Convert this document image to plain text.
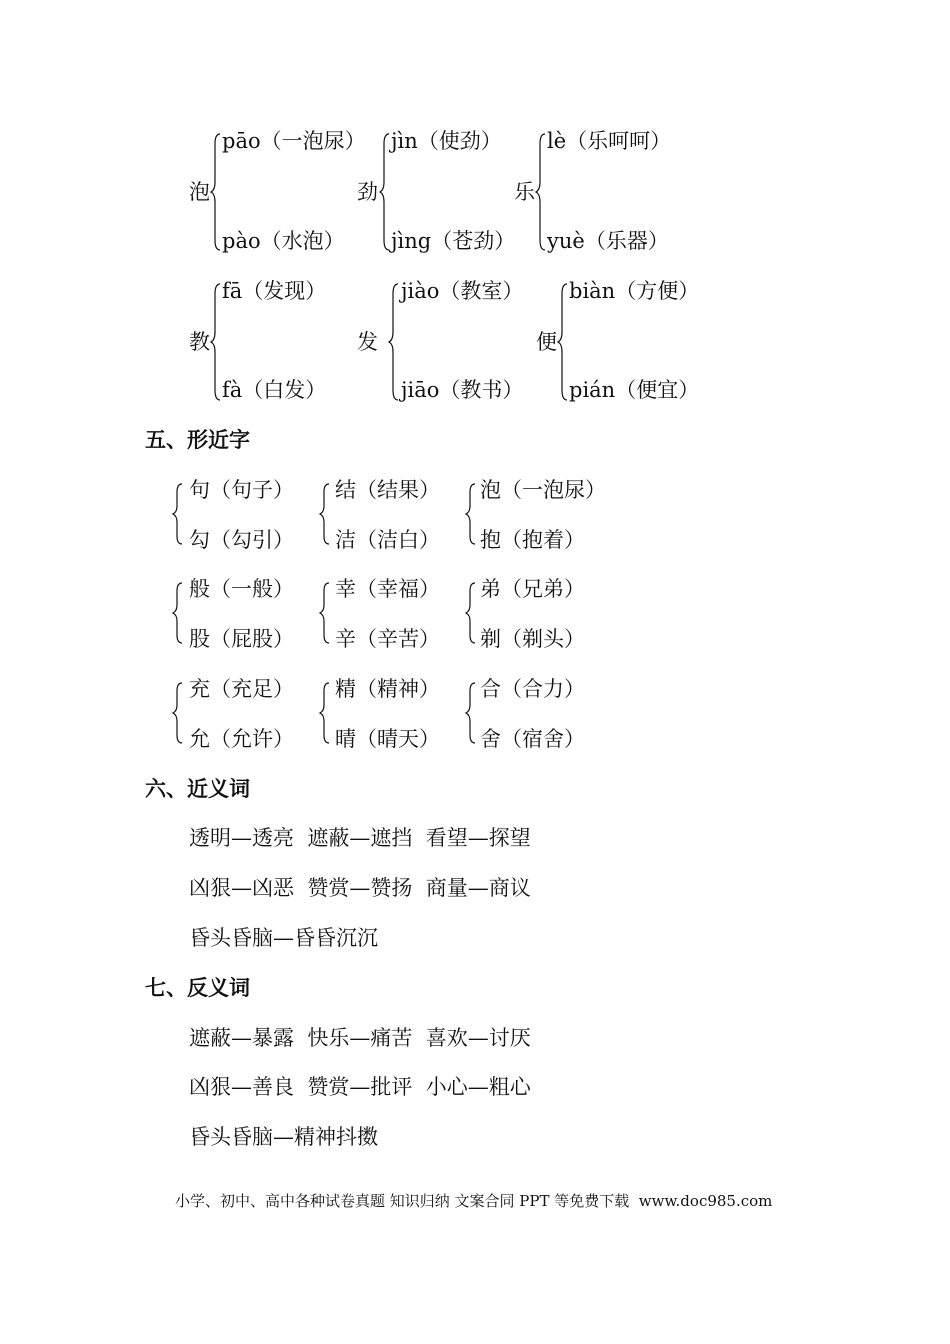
泡
pāo（一泡尿）
pào（水泡）
劲
jìn（使劲）
jìng（苍劲）
乐
lè（乐呵呵）
yuè（乐器）
教
fā（发现）
fà（白发）
发
jiào（教室）
jiāo（教书）
便
biàn（方便）
pián（便宜）
五、形近字
句（句子）
勾（勾引）
结（结果）
洁（洁白）
泡（一泡尿）
抱（抱着）
般（一般）
股（屁股）
幸（幸福）
辛（辛苦）
弟（兄弟）
剃（剃头）
充（充足）
允（允许）
精（精神）
晴（晴天）
合（合力）
舍（宿舍）
六、近义词
透明—透亮  遮蔽—遮挡  看望—探望
凶狠—凶恶  赞赏—赞扬  商量—商议
昏头昏脑—昏昏沉沉
七、反义词
遮蔽—暴露  快乐—痛苦  喜欢—讨厌
凶狠—善良  赞赏—批评  小心—粗心
昏头昏脑—精神抖擞
小学、初中、高中各种试卷真题 知识归纳 文案合同 PPT 等免费下载  www.doc985.com
